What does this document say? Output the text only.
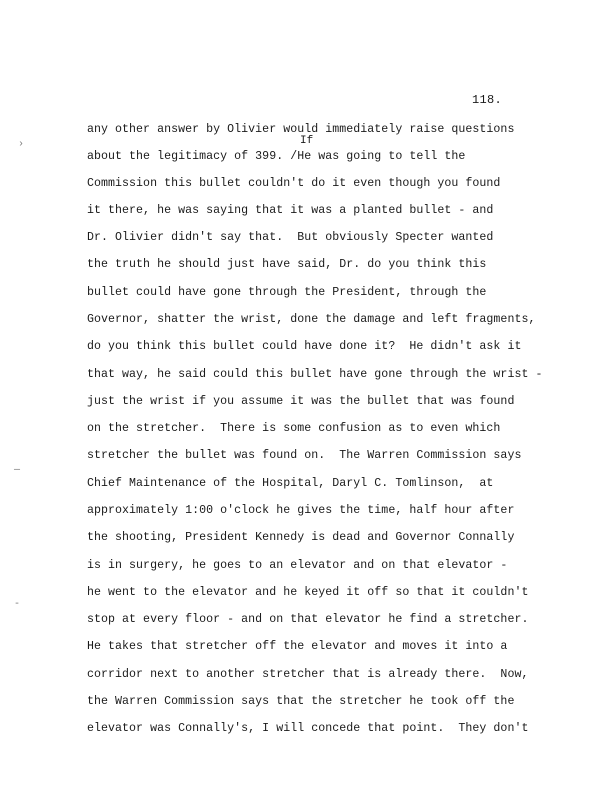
118.
›
—
-
If
any other answer by Olivier would immediately raise questions
about the legitimacy of 399. /He was going to tell the
Commission this bullet couldn't do it even though you found
it there, he was saying that it was a planted bullet - and
Dr. Olivier didn't say that.  But obviously Specter wanted
the truth he should just have said, Dr. do you think this
bullet could have gone through the President, through the
Governor, shatter the wrist, done the damage and left fragments,
do you think this bullet could have done it?  He didn't ask it
that way, he said could this bullet have gone through the wrist -
just the wrist if you assume it was the bullet that was found
on the stretcher.  There is some confusion as to even which
stretcher the bullet was found on.  The Warren Commission says
Chief Maintenance of the Hospital, Daryl C. Tomlinson,  at
approximately 1:00 o'clock he gives the time, half hour after
the shooting, President Kennedy is dead and Governor Connally
is in surgery, he goes to an elevator and on that elevator -
he went to the elevator and he keyed it off so that it couldn't
stop at every floor - and on that elevator he find a stretcher.
He takes that stretcher off the elevator and moves it into a
corridor next to another stretcher that is already there.  Now,
the Warren Commission says that the stretcher he took off the
elevator was Connally's, I will concede that point.  They don't
